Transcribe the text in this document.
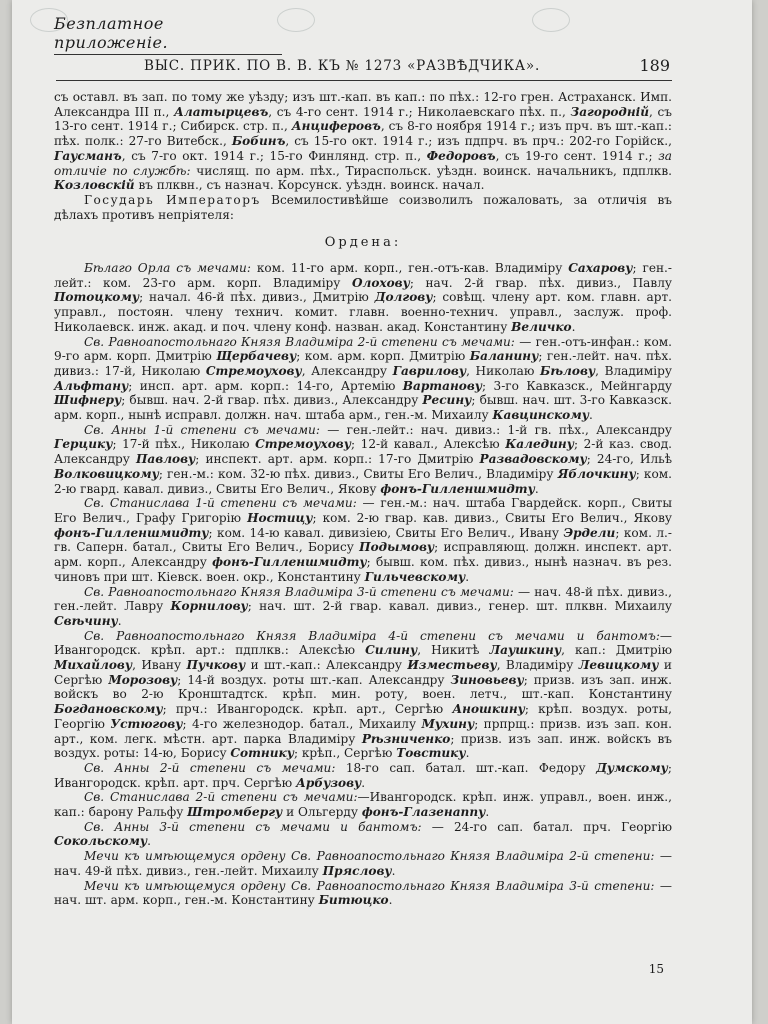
Безплатное приложенiе.
ВЫС. ПРИК. ПО В. В. КЪ № 1273 «РАЗВѢДЧИКА».	189

съ оставл. въ зап. по тому же уѣзду; изъ шт.-кап. въ кап.: по пѣх.: 12-го грен. Астраханск. Имп. Александра III п., Алатырцевъ, съ 4-го сент. 1914 г.; Николаевскаго пѣх. п., Загородній, съ 13-го сент. 1914 г.; Сибирск. стр. п., Анциферовъ, съ 8-го ноября 1914 г.; изъ прч. въ шт.-кап.: пѣх. полк.: 27-го Витебск., Бобинъ, съ 15-го окт. 1914 г.; изъ пдпрч. въ прч.: 202-го Горiйск., Гаусманъ, съ 7-го окт. 1914 г.; 15-го Финлянд. стр. п., Федоровъ, съ 19-го сент. 1914 г.; за отличiе по службѣ: числящ. по арм. пѣх., Тираспольск. уѣздн. воинск. начальникъ, пдплкв. Козловскій въ плквн., съ назнач. Корсунск. уѣздн. воинск. начал.

Государь Императоръ Всемилостивѣйше соизволилъ пожаловать, за отличiя въ дѣлахъ противъ непрiятеля:

Ордена:

Бѣлаго Орла съ мечами: ком. 11-го арм. корп., ген.-отъ-кав. Владимiру Сахарову; ген.-лейт.: ком. 23-го арм. корп. Владимiру Олохову; нач. 2-й гвар. пѣх. дивиз., Павлу Потоцкому; начал. 46-й пѣх. дивиз., Дмитрiю Долгову; совѣщ. члену арт. ком. главн. арт. управл., постоян. члену технич. комит. главн. военно-технич. управл., заслуж. проф. Николаевск. инж. акад. и поч. члену конф. назван. акад. Константину Величко.

Св. Равноапостольнаго Князя Владимiра 2-й степени съ мечами: — ген.-отъ-инфан.: ком. 9-го арм. корп. Дмитрiю Щербачеву; ком. арм. корп. Дмитрiю Баланину; ген.-лейт. нач. пѣх. дивиз.: 17-й, Николаю Стремоухову, Александру Гаврилову, Николаю Бѣлову, Владимiру Альфтану; инсп. арт. арм. корп.: 14-го, Артемiю Вартанову; 3-го Кавказск., Мейнгарду Шифнеру; бывш. нач. 2-й гвар. пѣх. дивиз., Александру Ресину; бывш. нач. шт. 3-го Кавказск. арм. корп., нынѣ исправл. должн. нач. штаба арм., ген.-м. Михаилу Кавцинскому.

Св. Анны 1-й степени съ мечами: — ген.-лейт.: нач. дивиз.: 1-й гв. пѣх., Александру Герцику; 17-й пѣх., Николаю Стремоухову; 12-й кавал., Алексѣю Каледину; 2-й каз. свод. Александру Павлову; инспект. арт. арм. корп.: 17-го Дмитрiю Развадовскому; 24-го, Ильѣ Волковицкому; ген.-м.: ком. 32-ю пѣх. дивиз., Свиты Его Велич., Владимiру Яблочкину; ком. 2-ю гвард. кавал. дивиз., Свиты Его Велич., Якову фонъ-Гилленшмидту.

Св. Станислава 1-й степени съ мечами: — ген.-м.: нач. штаба Гвардейск. корп., Свиты Его Велич., Графу Григорiю Ностицу; ком. 2-ю гвар. кав. дивиз., Свиты Его Велич., Якову фонъ-Гилленшмидту; ком. 14-ю кавал. дивизiею, Свиты Его Велич., Ивану Эрдели; ком. л.-гв. Саперн. батал., Свиты Его Велич., Борису Подымову; исправляющ. должн. инспект. арт. арм. корп., Александру фонъ-Гилленшмидту; бывш. ком. пѣх. дивиз., нынѣ назнач. въ рез. чиновъ при шт. Кiевск. воен. окр., Константину Гильчевскому.

Св. Равноапостольнаго Князя Владимiра 3-й степени съ мечами: — нач. 48-й пѣх. дивиз., ген.-лейт. Лавру Корнилову; нач. шт. 2-й гвар. кавал. дивиз., генер. шт. плквн. Михаилу Свѣчину.

Св. Равноапостольнаго Князя Владимiра 4-й степени съ мечами и бантомъ:— Ивангородск. крѣп. арт.: пдплкв.: Алексѣю Силину, Никитѣ Лаушкину, кап.: Дмитрiю Михайлову, Ивану Пучкову и шт.-кап.: Александру Изместьеву, Владимiру Левицкому и Сергѣю Морозову; 14-й воздух. роты шт.-кап. Александру Зиновьеву; призв. изъ зап. инж. войскъ во 2-ю Кронштадтск. крѣп. мин. роту, воен. летч., шт.-кап. Константину Богдановскому; прч.: Ивангородск. крѣп. арт., Сергѣю Аношкину; крѣп. воздух. роты, Георгiю Устюгову; 4-го железнодор. батал., Михаилу Мухину; прпрщ.: призв. изъ зап. кон. арт., ком. легк. мѣстн. арт. парка Владимiру Рѣзниченко; призв. изъ зап. инж. войскъ въ воздух. роты: 14-ю, Борису Сотнику; крѣп., Сергѣю Товстику.

Св. Анны 2-й степени съ мечами: 18-го сап. батал. шт.-кап. Федору Думскому; Ивангородск. крѣп. арт. прч. Сергѣю Арбузову.

Св. Станислава 2-й степени съ мечами:—Ивангородск. крѣп. инж. управл., воен. инж., кап.: барону Ральфу Штромбергу и Ольгерду фонъ-Глазенаппу.

Св. Анны 3-й степени съ мечами и бантомъ: — 24-го сап. батал. прч. Георгiю Сокольскому.

Мечи къ имѣющемуся ордену Св. Равноапостольнаго Князя Владимiра 2-й степени: — нач. 49-й пѣх. дивиз., ген.-лейт. Михаилу Пряслову.

Мечи къ имѣющемуся ордену Св. Равноапостольнаго Князя Владимiра 3-й степени: — нач. шт. арм. корп., ген.-м. Константину Битюцко.

15
